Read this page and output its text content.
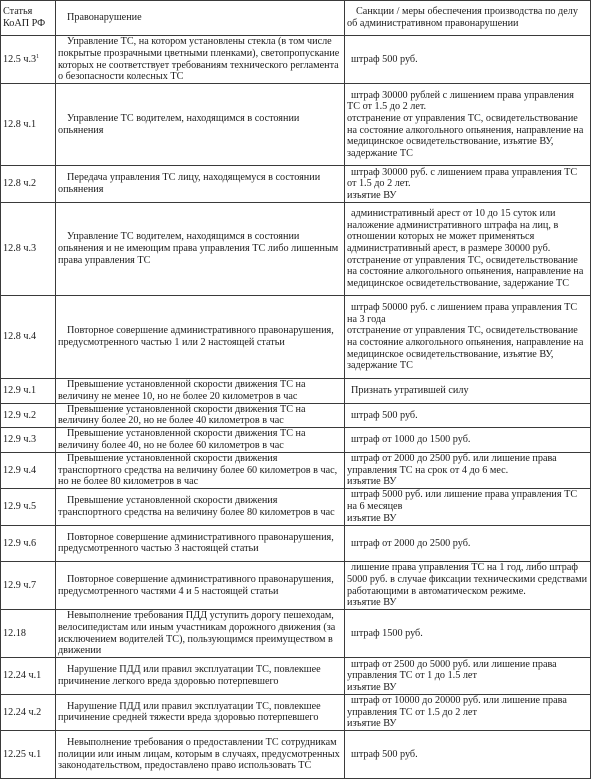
Статья КоАП РФ	Правонарушение	Санкции / меры обеспечения производства по делу об административном правонарушении
12.5 $ч.3^1$	Управление ТС, на котором установлены стекла (в том числе покрытые прозрачными цветными пленками), светопропускание которых не соответствует требованиям технического регламента о безопасности колесных ТС	штраф 500 руб.

12.8 ч.1	Управление ТС водителем, находящимся в состоянии опьянения	штраф 30000 рублей с лишением права управления ТС от 1.5 до 2 лет.
отстранение от управления ТС, освидетельствование на состояние алкогольного опьянения, направление на медицинское освидетельствование, изъятие ВУ, задержание ТС

12.8 ч.2	Передача управления ТС лицу, находящемуся в состоянии опьянения	штраф 30000 руб. с лишением права управления ТС от 1.5 до 2 лет.
изъятие ВУ

12.8 ч.3	Управление ТС водителем, находящимся в состоянии опьянения и не имеющим права управления ТС либо лишенным права управления ТС	административный арест от 10 до 15 суток или наложение административного штрафа на лиц, в отношении которых не может применяться административный арест, в размере 30000 руб.
отстранение от управления ТС, освидетельствование на состояние алкогольного опьянения, направление на медицинское освидетельствование, задержание ТС

12.8 ч.4	Повторное совершение административного правонарушения, предусмотренного частью 1 или 2 настоящей статьи	штраф 50000 руб. с лишением права управления ТС на 3 года
отстранение от управления ТС, освидетельствование на состояние алкогольного опьянения, направление на медицинское освидетельствование, изъятие ВУ, задержание ТС

12.9 ч.1	Превышение установленной скорости движения ТС на величину не менее 10, но не более 20 километров в час	Признать утратившей силу

12.9 ч.2	Превышение установленной скорости движения ТС на величину более 20, но не более 40 километров в час	штраф 500 руб.

12.9 ч.3	Превышение установленной скорости движения ТС на величину более 40, но не более 60 километров в час	штраф от 1000 до 1500 руб.

12.9 ч.4	Превышение установленной скорости движения транспортного средства на величину более 60 километров в час, но не более 80 километров в час	штраф от 2000 до 2500 руб. или лишение права управления ТС на срок от 4 до 6 мес.
изъятие ВУ

12.9 ч.5	Превышение установленной скорости движения транспортного средства на величину более 80 километров в час	штраф 5000 руб. или лишение права управления ТС на 6 месяцев
изъятие ВУ

12.9 ч.6	Повторное совершение административного правонарушения, предусмотренного частью 3 настоящей статьи	штраф от 2000 до 2500 руб.

12.9 ч.7	Повторное совершение административного правонарушения, предусмотренного частями 4 и 5 настоящей статьи	лишение права управления ТС на 1 год, либо штраф 5000 руб. в случае фиксации техническими средствами работающими в автоматическом режиме.
изъятие ВУ

12.18	Невыполнение требования ПДД уступить дорогу пешеходам, велосипедистам или иным участникам дорожного движения (за исключением водителей ТС), пользующимся преимуществом в движении	штраф 1500 руб.

12.24 ч.1	Нарушение ПДД или правил эксплуатации ТС, повлекшее причинение легкого вреда здоровью потерпевшего	штраф от 2500 до 5000 руб. или лишение права управления ТС от 1 до 1.5 лет
изъятие ВУ

12.24 ч.2	Нарушение ПДД или правил эксплуатации ТС, повлекшее причинение средней тяжести вреда здоровью потерпевшего	штраф от 10000 до 20000 руб. или лишение права управления ТС от 1.5 до 2 лет
изъятие ВУ

12.25 ч.1	Невыполнение требования о предоставлении ТС сотрудникам полиции или иным лицам, которым в случаях, предусмотренных законодательством, предоставлено право использовать ТС	штраф 500 руб.
